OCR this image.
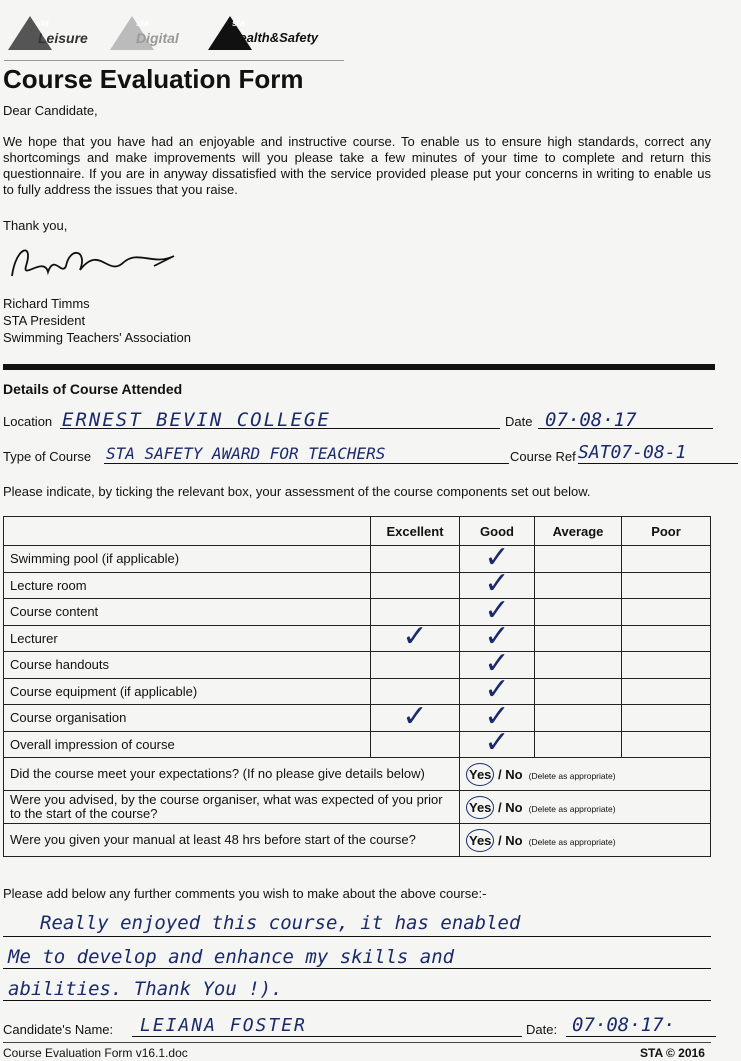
sta
Leisure
sta
Digital
sta
Health&Safety
Course Evaluation Form
Dear Candidate,
We hope that you have had an enjoyable and instructive course. To enable us to ensure high standards, correct any shortcomings and make improvements will you please take a few minutes of your time to complete and return this questionnaire. If you are in anyway dissatisfied with the service provided please put your concerns in writing to enable us to fully address the issues that you raise.
Thank you,
Richard Timms
STA President
Swimming Teachers' Association
Details of Course Attended
Location ERNEST BEVIN COLLEGE	Date 07·08·17
Type of Course STA SAFETY AWARD FOR TEACHERS	Course Ref SAT07-08-1
Please indicate, by ticking the relevant box, your assessment of the course components set out below.
	Excellent	Good	Average	Poor
Swimming pool (if applicable)		✓		
Lecture room		✓		
Course content		✓		
Lecturer	✓	✓		
Course handouts		✓		
Course equipment (if applicable)		✓		
Course organisation	✓	✓		
Overall impression of course		✓		
Did the course meet your expectations? (If no please give details below)		Yes / No (Delete as appropriate)		
Were you advised, by the course organiser, what was expected of you prior to the start of the course?		Yes / No (Delete as appropriate)		
Were you given your manual at least 48 hrs before start of the course?		Yes / No (Delete as appropriate)		
Please add below any further comments you wish to make about the above course:-
Really enjoyed this course, it has enabled
Me to develop and enhance my skills and
abilities. Thank You !).
Candidate's Name: LEIANA FOSTER	Date: 07·08·17·
Course Evaluation Form v16.1.doc	STA © 2016
